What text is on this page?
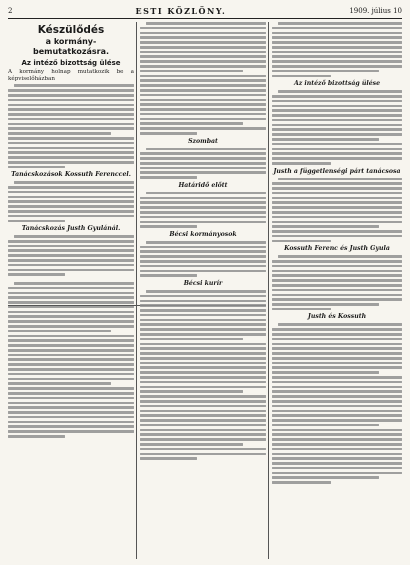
2	ESTI KÖZLÖNY.	1909. július 10
Készülődés
a kormány-bemutatkozásra.
Az intéző bizottság ülése
A kormány holnap mutatkozik be a képviselőházban
Tanácskozások Kossuth Ferenccel.
Tanácskozás Justh Gyulánál.
Szombat
Határidő előtt
Bécsi kormányosok
Bécsi kurír
Az intéző bizottság ülése
Justh a függetlenségi párt tanácsosa
Kossuth Ferenc és Justh Gyula
Justh és Kossuth
